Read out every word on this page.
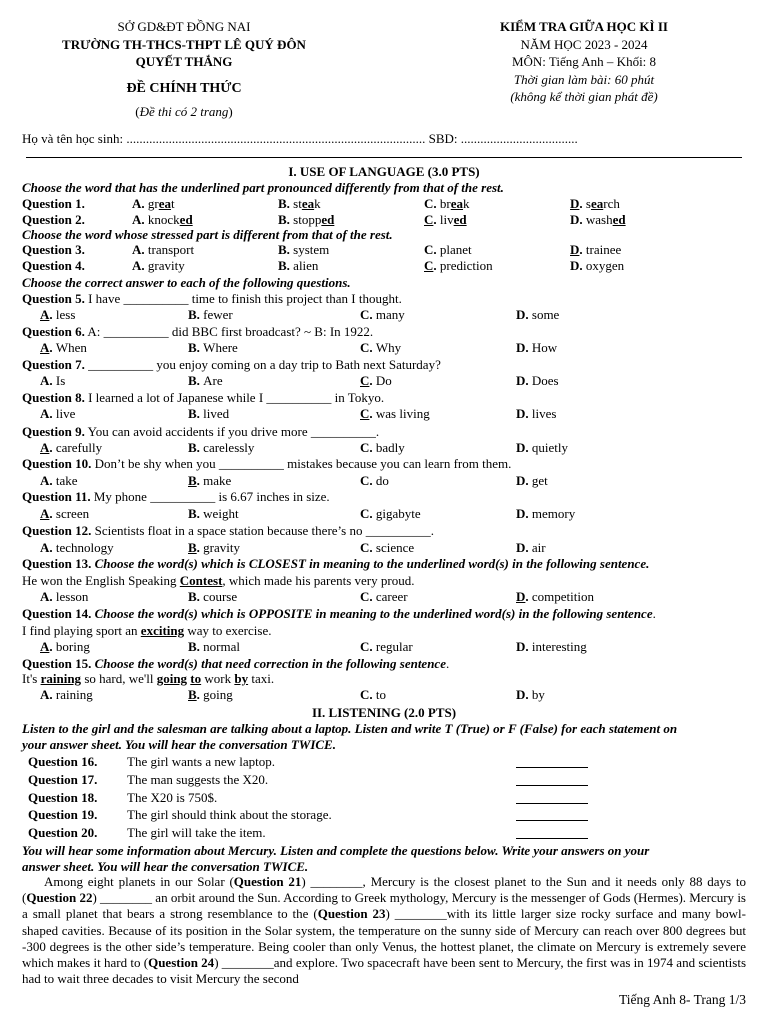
SỞ GD&ĐT ĐỒNG NAI
TRƯỜNG TH-THCS-THPT LÊ QUÝ ĐÔN
QUYẾT THẮNG
ĐỀ CHÍNH THỨC
(Đề thi có 2 trang)
KIỂM TRA GIỮA HỌC KÌ II
NĂM HỌC 2023 - 2024
MÔN: Tiếng Anh – Khối: 8
Thời gian làm bài: 60 phút
(không kể thời gian phát đề)
Họ và tên học sinh: ............................................................................................ SBD: ....................................
I. USE OF LANGUAGE (3.0 PTS)
Choose the word that has the underlined part pronounced differently from that of the rest.
Question 1.	A. great	B. steak	C. break	D. search
Question 2.	A. knocked	B. stopped	C. lived	D. washed
Choose the word whose stressed part is different from that of the rest.
Question 3.	A. transport	B. system	C. planet	D. trainee
Question 4.	A. gravity	B. alien	C. prediction	D. oxygen
Choose the correct answer to each of the following questions.
Question 5. I have __________ time to finish this project than I thought.
A. less	B. fewer	C. many	D. some
Question 6. A: __________ did BBC first broadcast? ~ B: In 1922.
A. When	B. Where	C. Why	D. How
Question 7. __________ you enjoy coming on a day trip to Bath next Saturday?
A. Is	B. Are	C. Do	D. Does
Question 8. I learned a lot of Japanese while I __________ in Tokyo.
A. live	B. lived	C. was living	D. lives
Question 9. You can avoid accidents if you drive more __________.
A. carefully	B. carelessly	C. badly	D. quietly
Question 10. Don’t be shy when you __________ mistakes because you can learn from them.
A. take	B. make	C. do	D. get
Question 11. My phone __________ is 6.67 inches in size.
A. screen	B. weight	C. gigabyte	D. memory
Question 12. Scientists float in a space station because there’s no __________.
A. technology	B. gravity	C. science	D. air
Question 13. Choose the word(s) which is CLOSEST in meaning to the underlined word(s) in the following sentence.
He won the English Speaking Contest, which made his parents very proud.
A. lesson	B. course	C. career	D. competition
Question 14. Choose the word(s) which is OPPOSITE in meaning to the underlined word(s) in the following sentence.
I find playing sport an exciting way to exercise.
A. boring	B. normal	C. regular	D. interesting
Question 15. Choose the word(s) that need correction in the following sentence.
It's raining so hard, we'll going to work by taxi.
A. raining	B. going	C. to	D. by
II. LISTENING (2.0 PTS)
Listen to the girl and the salesman are talking about a laptop. Listen and write T (True) or F (False) for each statement on
your answer sheet. You will hear the conversation TWICE.
Question 16. The girl wants a new laptop.
Question 17. The man suggests the X20.
Question 18. The X20 is 750$.
Question 19. The girl should think about the storage.
Question 20. The girl will take the item.
You will hear some information about Mercury. Listen and complete the questions below. Write your answers on your
answer sheet. You will hear the conversation TWICE.
Among eight planets in our Solar (Question 21) ________, Mercury is the closest planet to the Sun and it needs only 88 days to (Question 22) ________ an orbit around the Sun. According to Greek mythology, Mercury is the messenger of Gods (Hermes). Mercury is a small planet that bears a strong resemblance to the (Question 23) ________with its little larger size rocky surface and many bowl-shaped cavities. Because of its position in the Solar system, the temperature on the sunny side of Mercury can reach over 800 degrees but -300 degrees is the other side’s temperature. Being cooler than only Venus, the hottest planet, the climate on Mercury is extremely severe which makes it hard to (Question 24) ________and explore. Two spacecraft have been sent to Mercury, the first was in 1974 and scientists had to wait three decades to visit Mercury the second
Tiếng Anh 8- Trang 1/3
